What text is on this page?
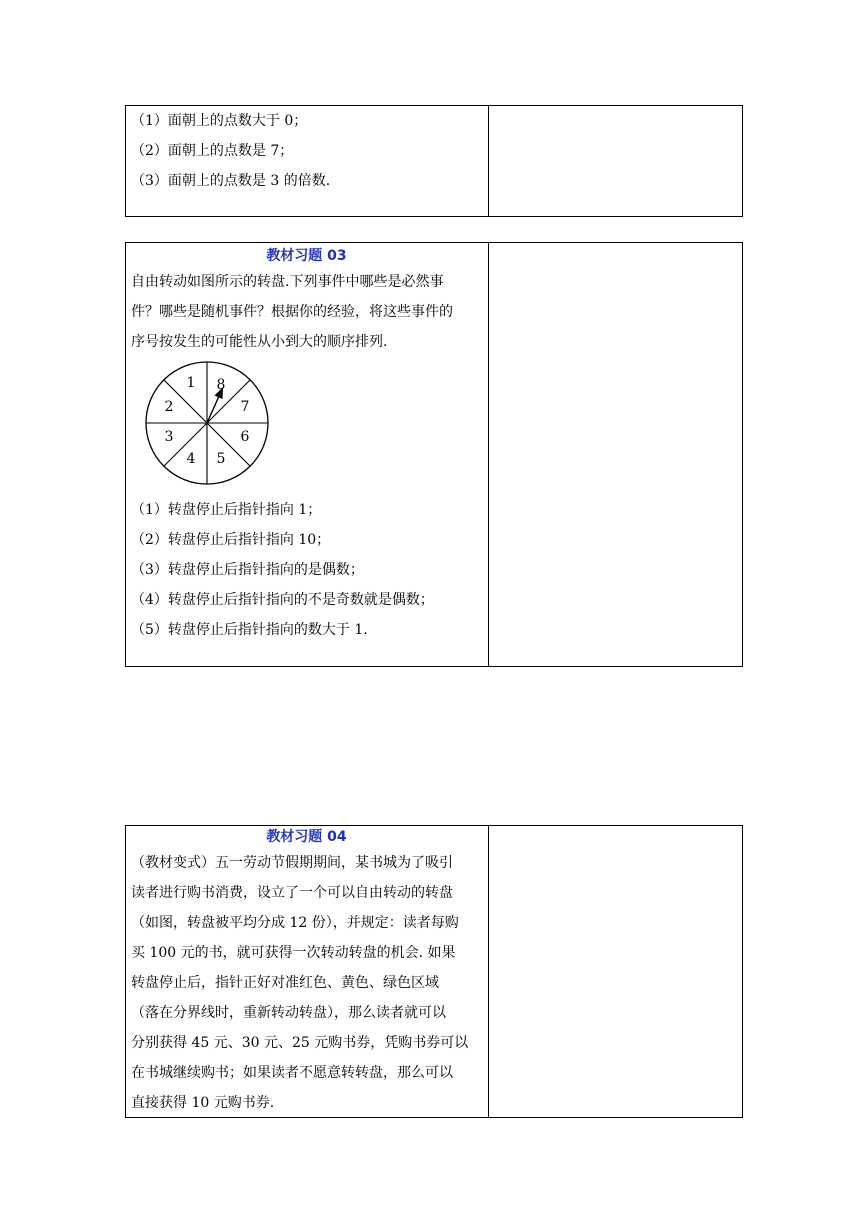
（1）面朝上的点数大于 0；
（2）面朝上的点数是 7；
（3）面朝上的点数是 3 的倍数.
教材习题 03
自由转动如图所示的转盘.下列事件中哪些是必然事
件？哪些是随机事件？根据你的经验，将这些事件的
序号按发生的可能性从小到大的顺序排列.
8
7
6
5
4
3
2
1
（1）转盘停止后指针指向 1；
（2）转盘停止后指针指向 10；
（3）转盘停止后指针指向的是偶数；
（4）转盘停止后指针指向的不是奇数就是偶数；
（5）转盘停止后指针指向的数大于 1.
教材习题 04
（教材变式）五一劳动节假期期间，某书城为了吸引
读者进行购书消费，设立了一个可以自由转动的转盘
（如图，转盘被平均分成 12 份），并规定：读者每购
买 100 元的书，就可获得一次转动转盘的机会. 如果
转盘停止后，指针正好对准红色、黄色、绿色区域
（落在分界线时，重新转动转盘），那么读者就可以
分别获得 45 元、30 元、25 元购书券，凭购书券可以
在书城继续购书；如果读者不愿意转转盘，那么可以
直接获得 10 元购书券.
